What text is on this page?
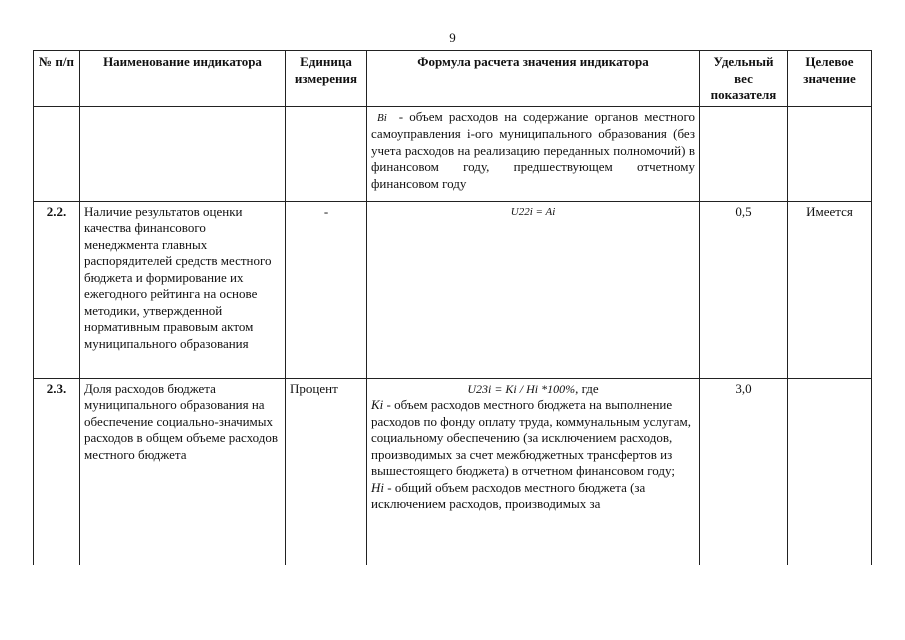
9
№ п/п	Наименование индикатора	Единица измерения	Формула расчета значения индикатора	Удельный вес показателя	Целевое значение
			Bi - объем расходов на содержание органов местного самоуправления i-ого муниципального образования (без учета расходов на реализацию переданных полномочий) в финансовом году, предшествующем отчетному финансовом году		
2.2.	Наличие результатов оценки качества финансового менеджмента главных распорядителей средств местного бюджета и формирование их ежегодного рейтинга на основе методики, утвержденной нормативным правовым актом муниципального образования	-	U22i = Ai	0,5	Имеется
2.3.	Доля расходов бюджета муниципального образования на обеспечение социально-значимых расходов в общем объеме расходов местного бюджета	Процент	U23i = Ki / Hi *100%, где
Ki - объем расходов местного бюджета на выполнение расходов по фонду оплату труда, коммунальным услугам, социальному обеспечению (за исключением расходов, производимых за счет межбюджетных трансфертов из вышестоящего бюджета) в отчетном финансовом году;
Hi - общий объем расходов местного бюджета (за исключением расходов, производимых за	3,0	
